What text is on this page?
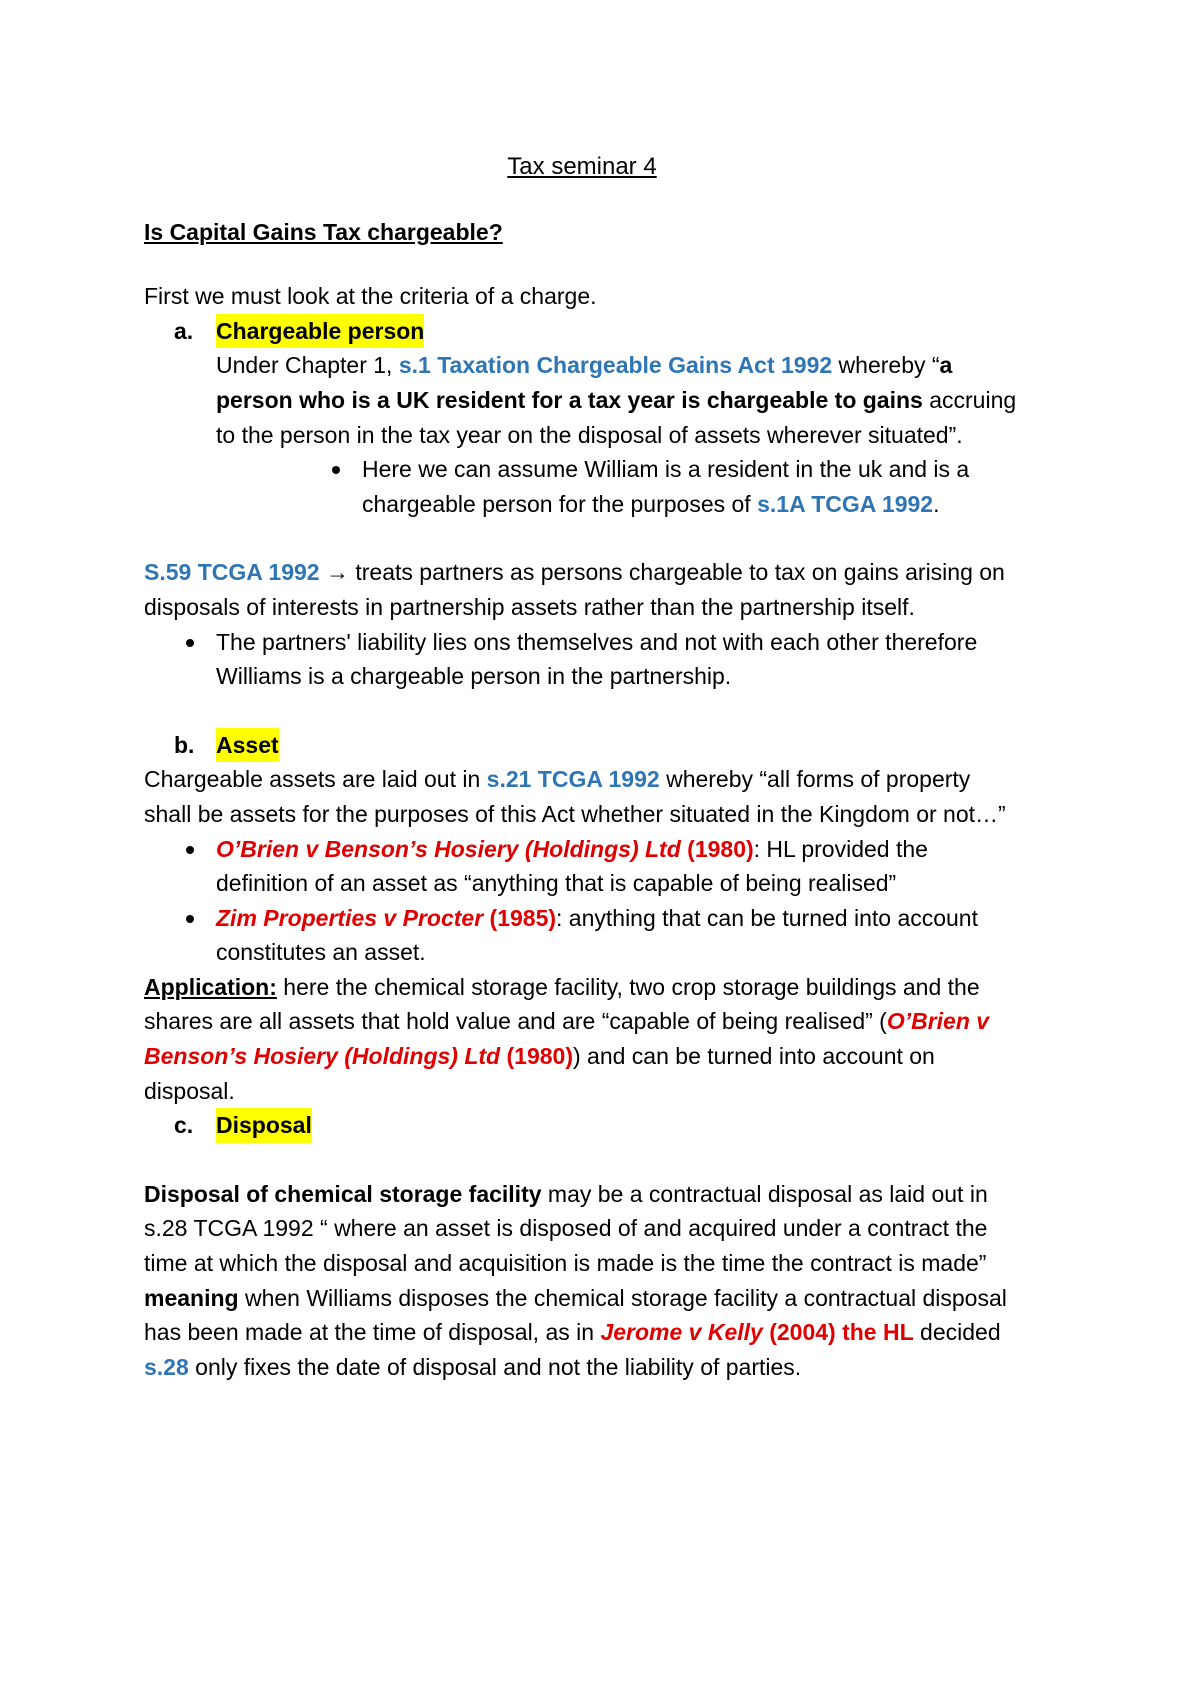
Tax seminar 4

Is Capital Gains Tax chargeable?

First we must look at the criteria of a charge.

a. Chargeable person

Under Chapter 1, s.1 Taxation Chargeable Gains Act 1992 whereby “a person who is a UK resident for a tax year is chargeable to gains accruing to the person in the tax year on the disposal of assets wherever situated”.

Here we can assume William is a resident in the uk and is a chargeable person for the purposes of s.1A TCGA 1992.

S.59 TCGA 1992 → treats partners as persons chargeable to tax on gains arising on disposals of interests in partnership assets rather than the partnership itself.

The partners' liability lies ons themselves and not with each other therefore Williams is a chargeable person in the partnership.
b. Asset

Chargeable assets are laid out in s.21 TCGA 1992 whereby “all forms of property shall be assets for the purposes of this Act whether situated in the Kingdom or not…”

O’Brien v Benson’s Hosiery (Holdings) Ltd (1980): HL provided the definition of an asset as “anything that is capable of being realised”
Zim Properties v Procter (1985): anything that can be turned into account constitutes an asset.

Application: here the chemical storage facility, two crop storage buildings and the shares are all assets that hold value and are “capable of being realised” (O’Brien v Benson’s Hosiery (Holdings) Ltd (1980)) and can be turned into account on disposal.

c. Disposal

Disposal of chemical storage facility may be a contractual disposal as laid out in s.28 TCGA 1992 “ where an asset is disposed of and acquired under a contract the time at which the disposal and acquisition is made is the time the contract is made” meaning when Williams disposes the chemical storage facility a contractual disposal has been made at the time of disposal, as in Jerome v Kelly (2004) the HL decided s.28 only fixes the date of disposal and not the liability of parties.
